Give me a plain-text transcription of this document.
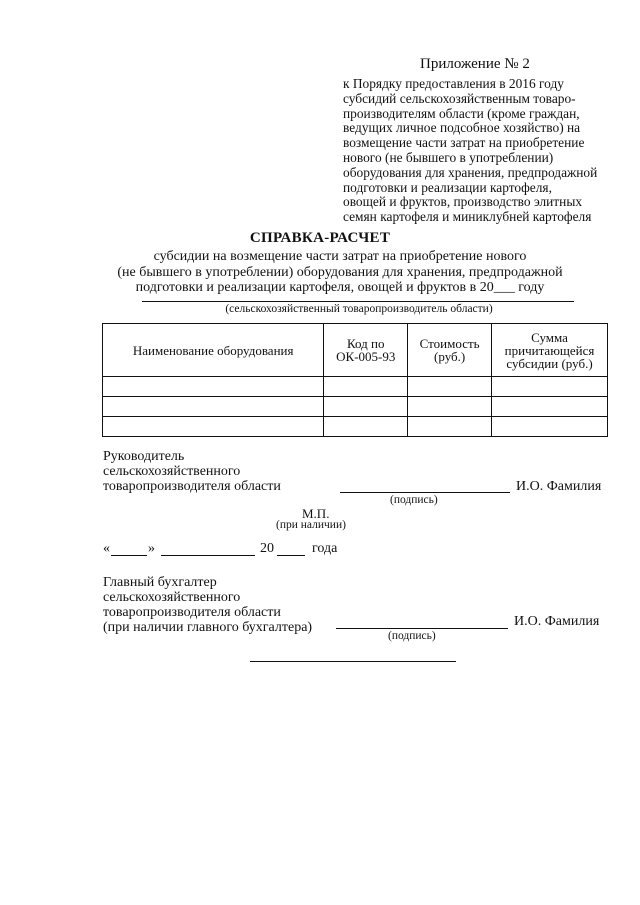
Приложение № 2
к Порядку предоставления в 2016 году
субсидий сельскохозяйственным товаро-
производителям области (кроме граждан,
ведущих личное подсобное хозяйство) на
возмещение части затрат на приобретение
нового (не бывшего в употреблении)
оборудования для хранения, предпродажной
подготовки и реализации картофеля,
овощей и фруктов, производство элитных
семян картофеля и миниклубней картофеля
СПРАВКА-РАСЧЕТ
субсидии на возмещение части затрат на приобретение нового
(не бывшего в употреблении) оборудования для хранения, предпродажной
подготовки и реализации картофеля, овощей и фруктов в 20___ году
(сельскохозяйственный товаропроизводитель области)
Наименование оборудования	Код по ОК-005-93	Стоимость (руб.)	Сумма причитающейся субсидии (руб.)

Руководитель
сельскохозяйственного
товаропроизводителя области	И.О. Фамилия
(подпись)
М.П.
(при наличии)
«	»	20	года
Главный бухгалтер
сельскохозяйственного
товаропроизводителя области
(при наличии главного бухгалтера)	И.О. Фамилия
(подпись)
